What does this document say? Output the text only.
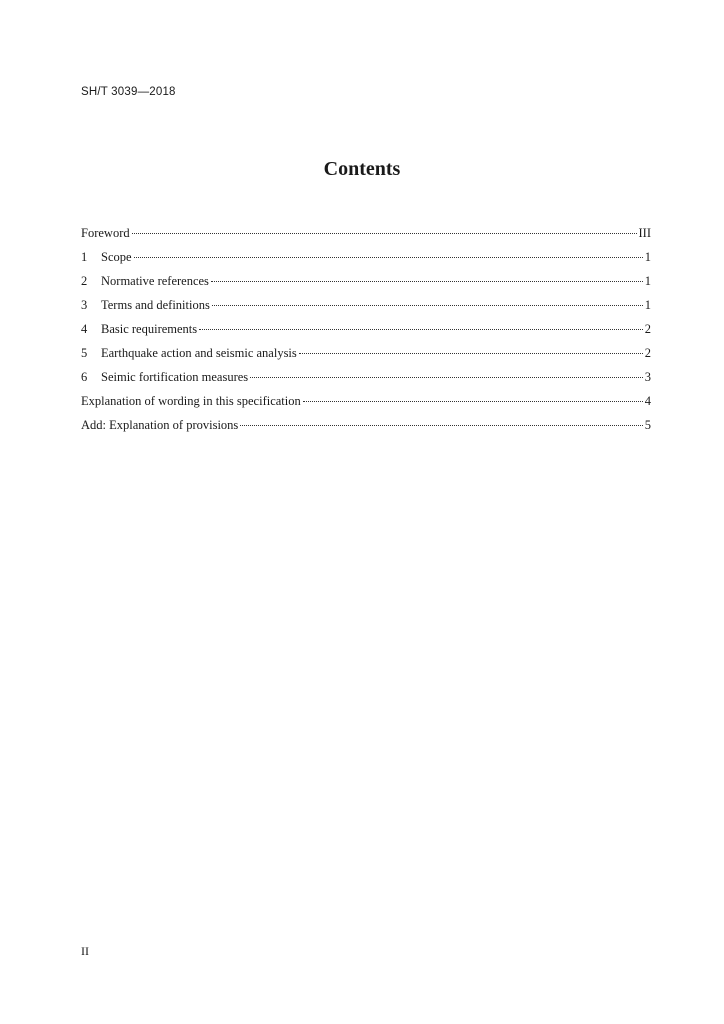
SH/T 3039—2018
Contents
Foreword	III
1	Scope	1
2	Normative references	1
3	Terms and definitions	1
4	Basic requirements	2
5	Earthquake action and seismic analysis	2
6	Seimic fortification measures	3
Explanation of wording in this specification	4
Add: Explanation of provisions	5
II
